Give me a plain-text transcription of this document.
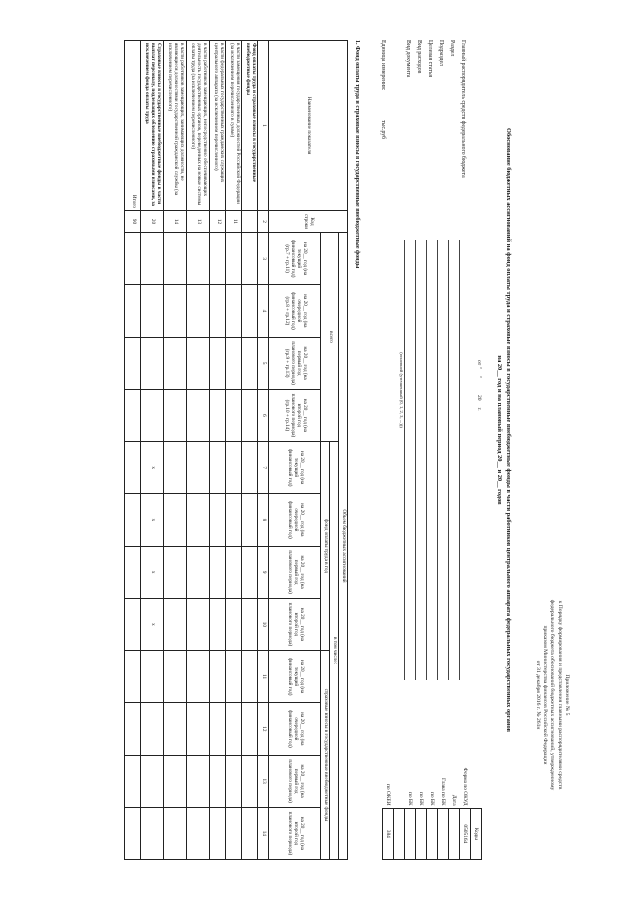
Приложение № 5
к Порядку формирования и представления главными распорядителями средств
федерального бюджета обоснований бюджетных ассигнований, утвержденному
приказом Министерства финансов Российской Федерации
от 31 декабря 2016 г. № 261н
Обоснование бюджетных ассигнований на фонд оплаты труда и страховые взносы в государственные внебюджетные фонды в части работников центрального аппарата федеральных государственных органов
на 20__ год и на плановый период 20__ и 20__ годов
	Коды
Форма по ОКУД	0505164
Дата	
Глава по БК	
по БК	
по БК	
по БК	

по ОКЕИ	384
от "     "            20     г.
Главный распорядитель средств федерального бюджета
Раздел
Подраздел
Целевая статья
Вид расходов
Вид документа
(основной (уточненный (0, 1, 2, 3, ...)))
Единица измерения:
тыс.руб
1. Фонд оплаты труда и страховые взносы в государственные внебюджетные фонды
Наименование показателя	Код строки	Объем бюджетных ассигнований											
		всего				в том числе:							
						фонд оплаты труда в год				страховые взносы в государственные внебюджетные фонды			
		на 20__ год (на текущий финансовый год) (гр.7 + гр.11)	на 20__ год (на очередной финансовый год) (гр.8 + гр.12)	на 20__ год (на первый год планового периода) (гр.9 + гр.13)	на 20__ год (на второй год планового периода) (гр.10 + гр.14)	на 20__ год (на текущий финансовый год)	на 20__ год (на очередной финансовый год)	на 20__ год (на первый год планового периода)	на 20__ год (на второй год планового периода)	на 20__ год (на текущий финансовый год)	на 20__ год (на очередной финансовый год)	на 20__ год (на первый год планового периода)	на 20__ год (на второй год планового периода)
1	2	3	4	5	6	7	8	9	10	11	12	13	14
Фонд оплаты труда и страховые взносы в государственные внебюджетные фонды													
в части замещения государственных должностей Российской Федерации (за исключением перечисленного в сумме)	11												
в части федеральных государственных гражданских служащих центрального аппарата (за исключением перечисленного)	12												
в части работников замещающих, непосредственно обеспечивающих деятельность государственных органов, переведенных на новые системы оплаты труда (за исключением перечисленного)	13												
в части работников замещающих, занимающих должности, не являющиеся должностями государственной гражданской службы (за исключением перечисленного)	14												
Страховые взносы в государственные внебюджетные фонды в части выплат персоналу, подлежащих обложению страховыми взносами, за исключением фонда оплаты труда	20					x	x	x	x				
Итого	90												
